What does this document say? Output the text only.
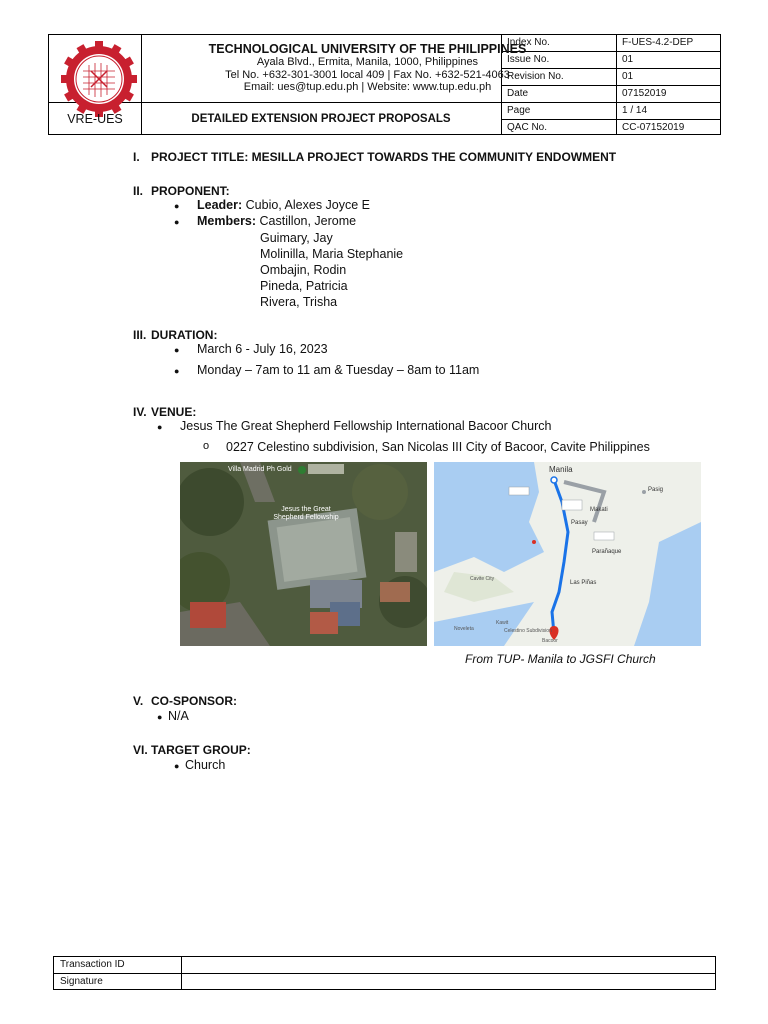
TECHNOLOGICAL UNIVERSITY OF THE PHILIPPINES
Ayala Blvd., Ermita, Manila, 1000, Philippines
Tel No. +632-301-3001 local 409 | Fax No. +632-521-4063
Email: ues@tup.edu.ph | Website: www.tup.edu.ph
VRE-UES	DETAILED EXTENSION PROJECT PROPOSALS
Index No.	F-UES-4.2-DEP
Issue No.	01
Revision No.	01
Date	07152019
Page	1 / 14
QAC No.	CC-07152019
I. PROJECT TITLE: MESILLA PROJECT TOWARDS THE COMMUNITY ENDOWMENT
II. PROPONENT:
● Leader: Cubio, Alexes Joyce E
● Members: Castillon, Jerome
Guimary, Jay
Molinilla, Maria Stephanie
Ombajin, Rodin
Pineda, Patricia
Rivera, Trisha
III. DURATION:
● March 6 - July 16, 2023
● Monday – 7am to 11 am & Tuesday – 8am to 11am
IV. VENUE:
● Jesus The Great Shepherd Fellowship International Bacoor Church
o 0227 Celestino subdivision, San Nicolas III City of Bacoor, Cavite Philippines
Villa Madrid Ph Gold
Jesus the Great Shepherd Fellowship
Manila
Makati
Pasig
Pasay
Parañaque
Las Piñas
Cavite City
Noveleta
Kawit
Celestino Subdivision
Bacoor
From TUP- Manila to JGSFI Church
V. CO-SPONSOR:
● N/A
VI. TARGET GROUP:
● Church
Transaction ID
Signature
